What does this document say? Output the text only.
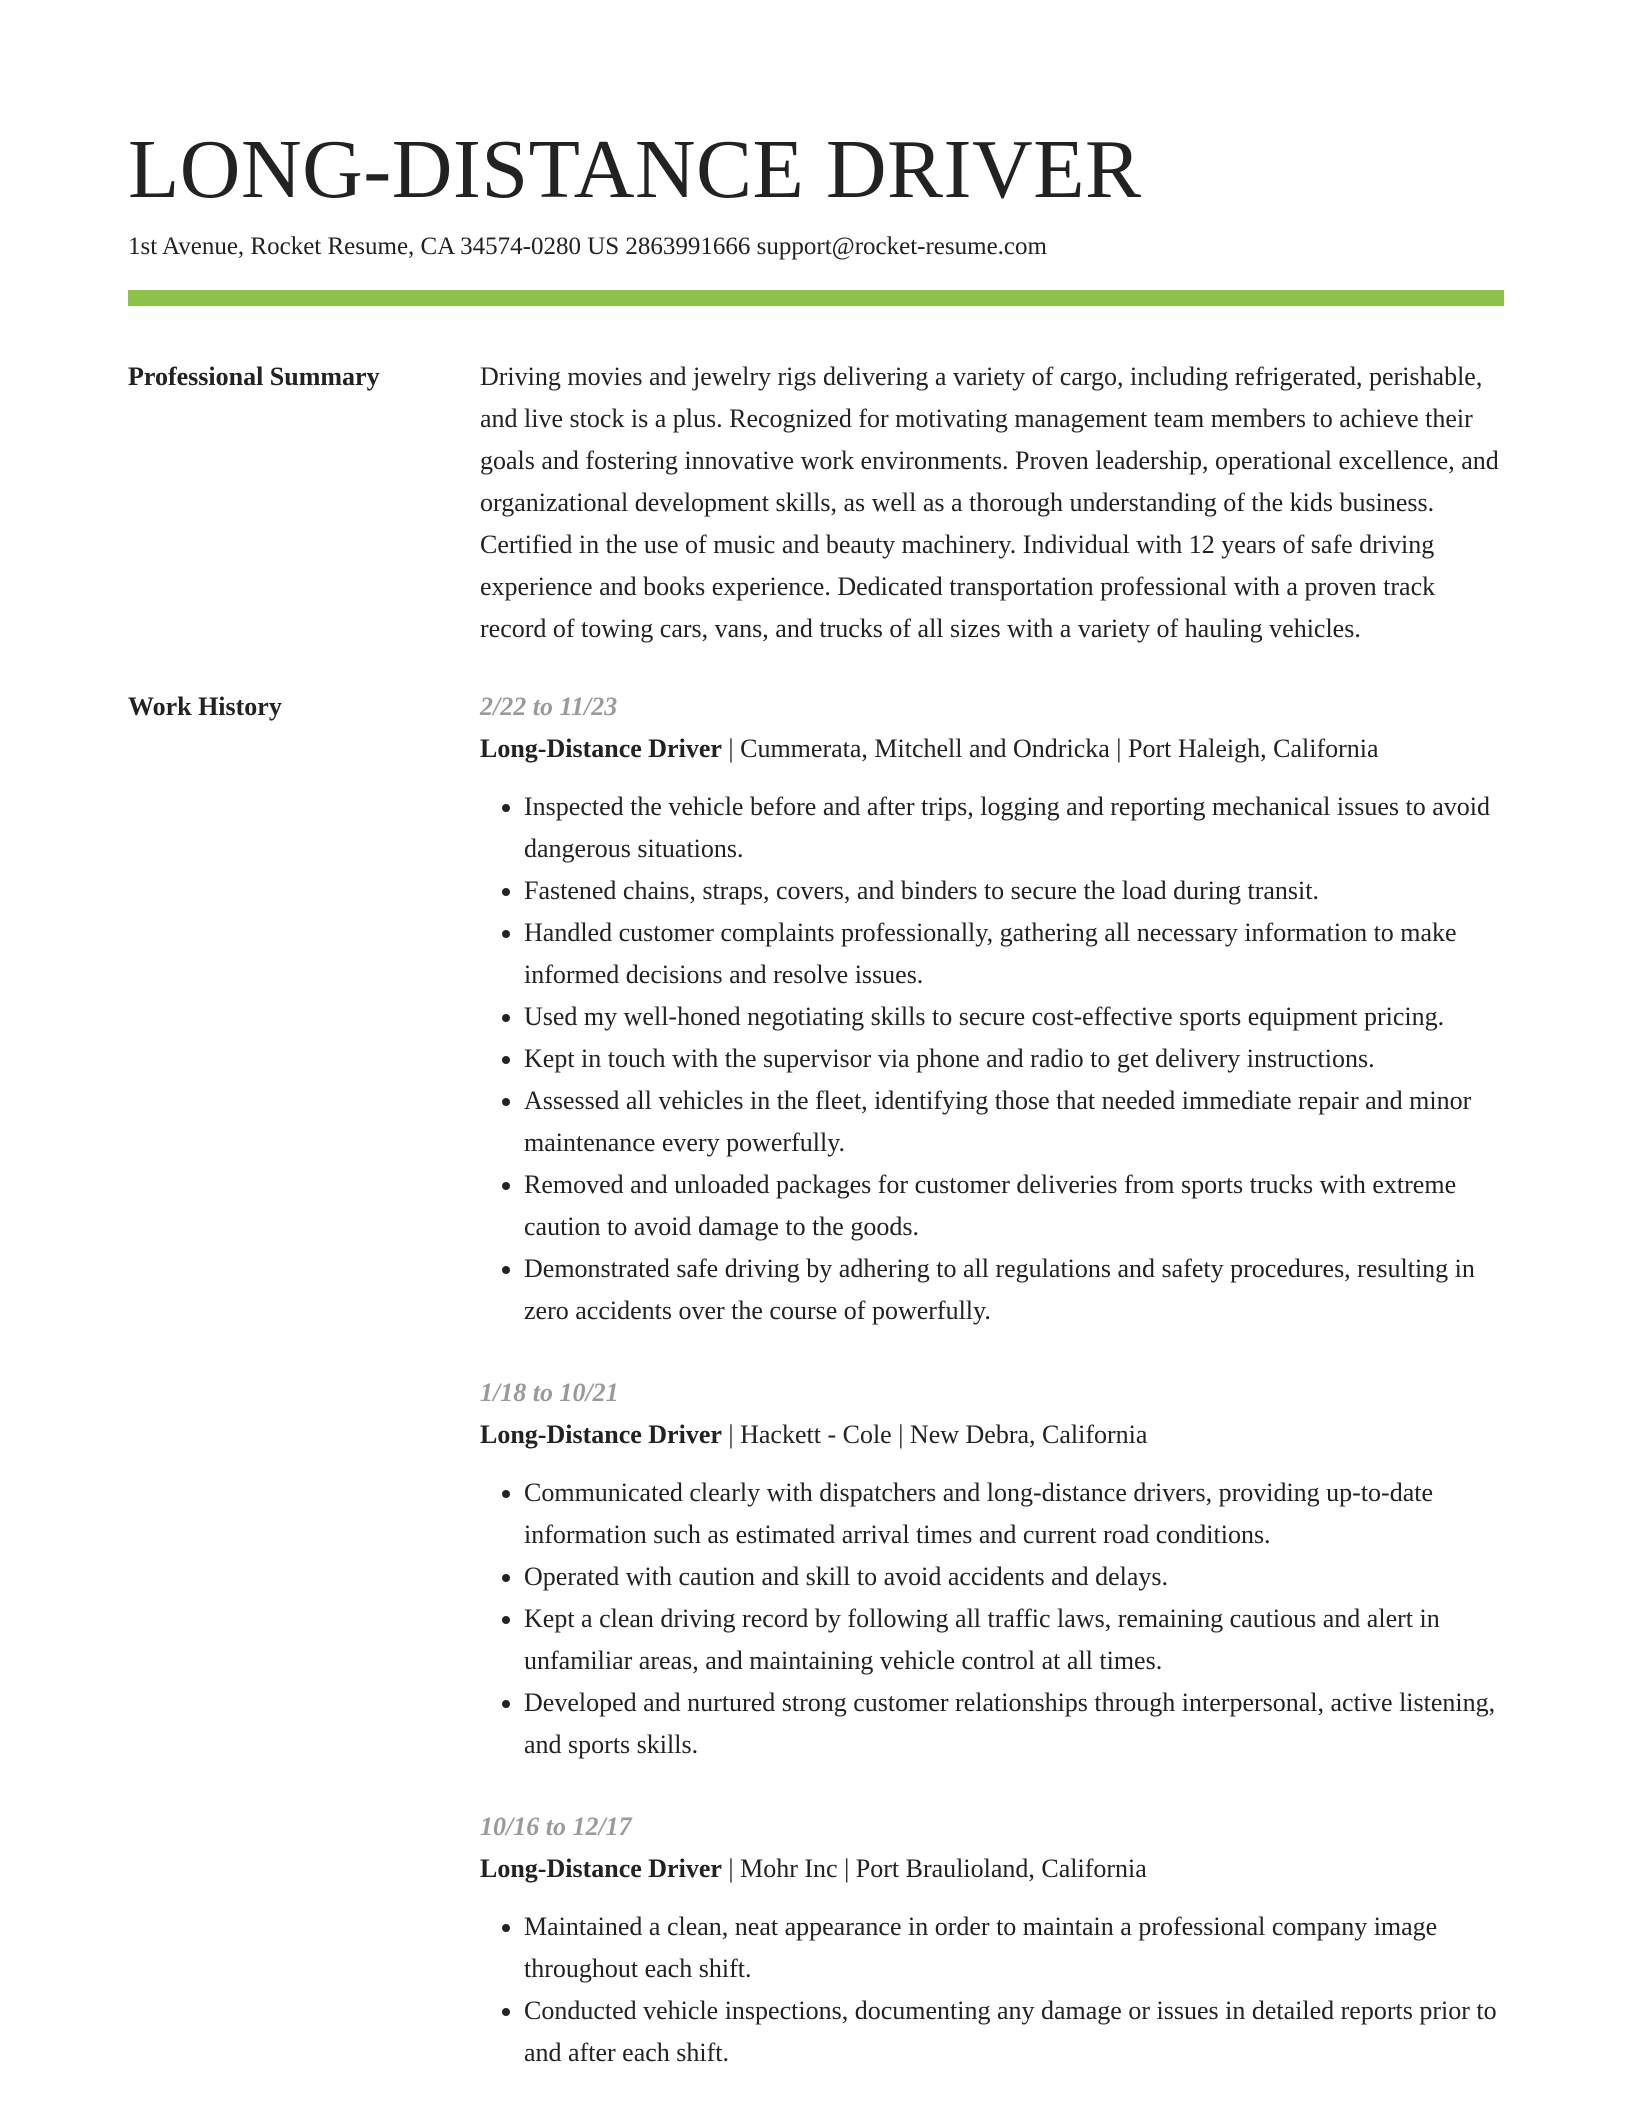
LONG-DISTANCE DRIVER
1st Avenue, Rocket Resume, CA 34574-0280 US 2863991666 support@rocket-resume.com
Professional Summary	Driving movies and jewelry rigs delivering a variety of cargo, including refrigerated, perishable, and live stock is a plus. Recognized for motivating management team members to achieve their goals and fostering innovative work environments. Proven leadership, operational excellence, and organizational development skills, as well as a thorough understanding of the kids business. Certified in the use of music and beauty machinery. Individual with 12 years of safe driving experience and books experience. Dedicated transportation professional with a proven track record of towing cars, vans, and trucks of all sizes with a variety of hauling vehicles.
Work History	2/22 to 11/23
Long-Distance Driver | Cummerata, Mitchell and Ondricka | Port Haleigh, California
• Inspected the vehicle before and after trips, logging and reporting mechanical issues to avoid dangerous situations.
• Fastened chains, straps, covers, and binders to secure the load during transit.
• Handled customer complaints professionally, gathering all necessary information to make informed decisions and resolve issues.
• Used my well-honed negotiating skills to secure cost-effective sports equipment pricing.
• Kept in touch with the supervisor via phone and radio to get delivery instructions.
• Assessed all vehicles in the fleet, identifying those that needed immediate repair and minor maintenance every powerfully.
• Removed and unloaded packages for customer deliveries from sports trucks with extreme caution to avoid damage to the goods.
• Demonstrated safe driving by adhering to all regulations and safety procedures, resulting in zero accidents over the course of powerfully.
1/18 to 10/21
Long-Distance Driver | Hackett - Cole | New Debra, California
• Communicated clearly with dispatchers and long-distance drivers, providing up-to-date information such as estimated arrival times and current road conditions.
• Operated with caution and skill to avoid accidents and delays.
• Kept a clean driving record by following all traffic laws, remaining cautious and alert in unfamiliar areas, and maintaining vehicle control at all times.
• Developed and nurtured strong customer relationships through interpersonal, active listening, and sports skills.
10/16 to 12/17
Long-Distance Driver | Mohr Inc | Port Braulioland, California
• Maintained a clean, neat appearance in order to maintain a professional company image throughout each shift.
• Conducted vehicle inspections, documenting any damage or issues in detailed reports prior to and after each shift.
